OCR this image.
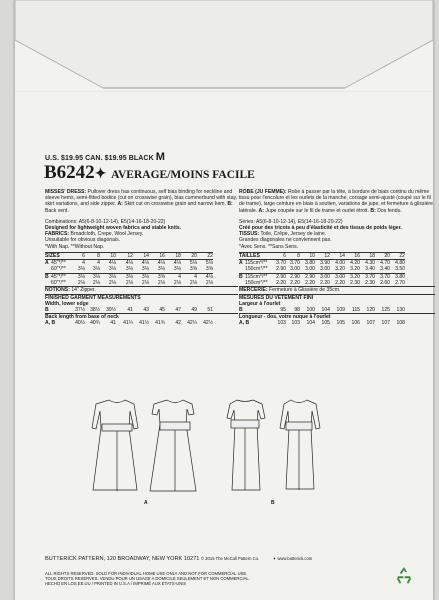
U.S. $19.95 CAN. $19.95 BLACK M
B6242✦ AVERAGE/MOINS FACILE

MISSES' DRESS: Pullover dress has continuous, self bias binding for neckline and sleeve hems, semi-fitted bodice (cut on crosswise grain), bias cummerbund with stay, skirt variations, and side zipper. A: Skirt cut on crosswise grain and narrow hem. B: Back vent.

Combinations: A5(6-8-10-12-14), E5(14-16-18-20-22)

Designed for lightweight woven fabrics and stable knits.

FABRICS: Broadcloth, Crepe, Wool Jersey.

Unsuitable for obvious diagonals.

*With Nap. **Without Nap.

SIZES		6	8	10	12	14	16	18	20	22
A	45"*/**		4	4	4⅛	4⅛	4⅛	4⅛	4⅛	5⅛	5⅛
	60"*/**		3⅛	3⅛	3⅛	3⅛	3⅛	3⅛	3⅛	3⅝	3⅝
B	45"*/**		3⅛	3⅛	3⅛	3⅛	3⅛	3⅝	4	4	4⅛
	60"*/**		2⅛	2⅛	2⅛	2⅛	2⅛	2⅛	2⅛	2⅛	2⅛

NOTIONS: 14" Zipper.

FINISHED GARMENT MEASUREMENTS

Width, lower edge

B	37½	38½	39½	41	43	45	47	49	51

Back length from base of neck

A, B	40½	40¾	41	41¼	41½	41¾	42	42¼	42½

ROBE (JU FEMME): Robe à passer par la tête, à bordure de biais continu du même tissu pour l'encolure et les ourlets de la manche, corsage semi-ajusté (coupé sur le fil de trame), large ceinture en biais à soutien, variations de jupe, et fermeture à glissière latérale. A: Jupe coupée sur le fil de trame et ourlet étroit. B: Dos fendu.

Séries: A5(6-8-10-12-14), E5(14-16-18-20-22)

Créé pour des tricots à peu d'élasticité et des tissus de poids léger.

TISSUS: Toile, Crêpe, Jersey de laine.

Grandes diagonales ne conviennent pas.

*Avec Sens. **Sans Sens.

TAILLES		6	8	10	12	14	16	18	20	22
A	115cm*/**	3.70	3.70	3.80	3.90	4.00	4.20	4.30	4.70	4.80
	150cm*/**	2.90	3.00	3.00	3.00	3.20	3.20	3.40	3.40	3.50
B	115cm*/**	2.90	2.90	2.90	3.00	3.00	3.20	3.70	3.70	3.80
	150cm*/**	2.20	2.20	2.20	2.20	2.20	2.30	2.30	2.60	2.70

MERCERIE: Fermeture à Glissière de 35cm.

MESURES DU VÊTEMENT FINI

Largeur à l'ourlet

B	95	98	100	104	109	115	120	125	130

Longueur - dos, votre nuque à l'ourlet

A, B	103	103	104	105	105	106	107	107	108
A	B
BUTTERICK PATTERN, 120 BROADWAY, NEW YORK 10271 © 2015 The McCall Pattern Co.	✦ www.butterick.com
ALL RIGHTS RESERVED. SOLD FOR INDIVIDUAL HOME USE ONLY AND NOT FOR COMMERCIAL USE.
TOUS DROITS RESERVES. VENDU POUR UN USAGE A DOMICILE SEULEMENT ET NON COMMERCIAL.
HECHO EN LOS EE.UU / PRINTED IN U.S.A / IMPRIMÉ AUX ETATS-UNIS
